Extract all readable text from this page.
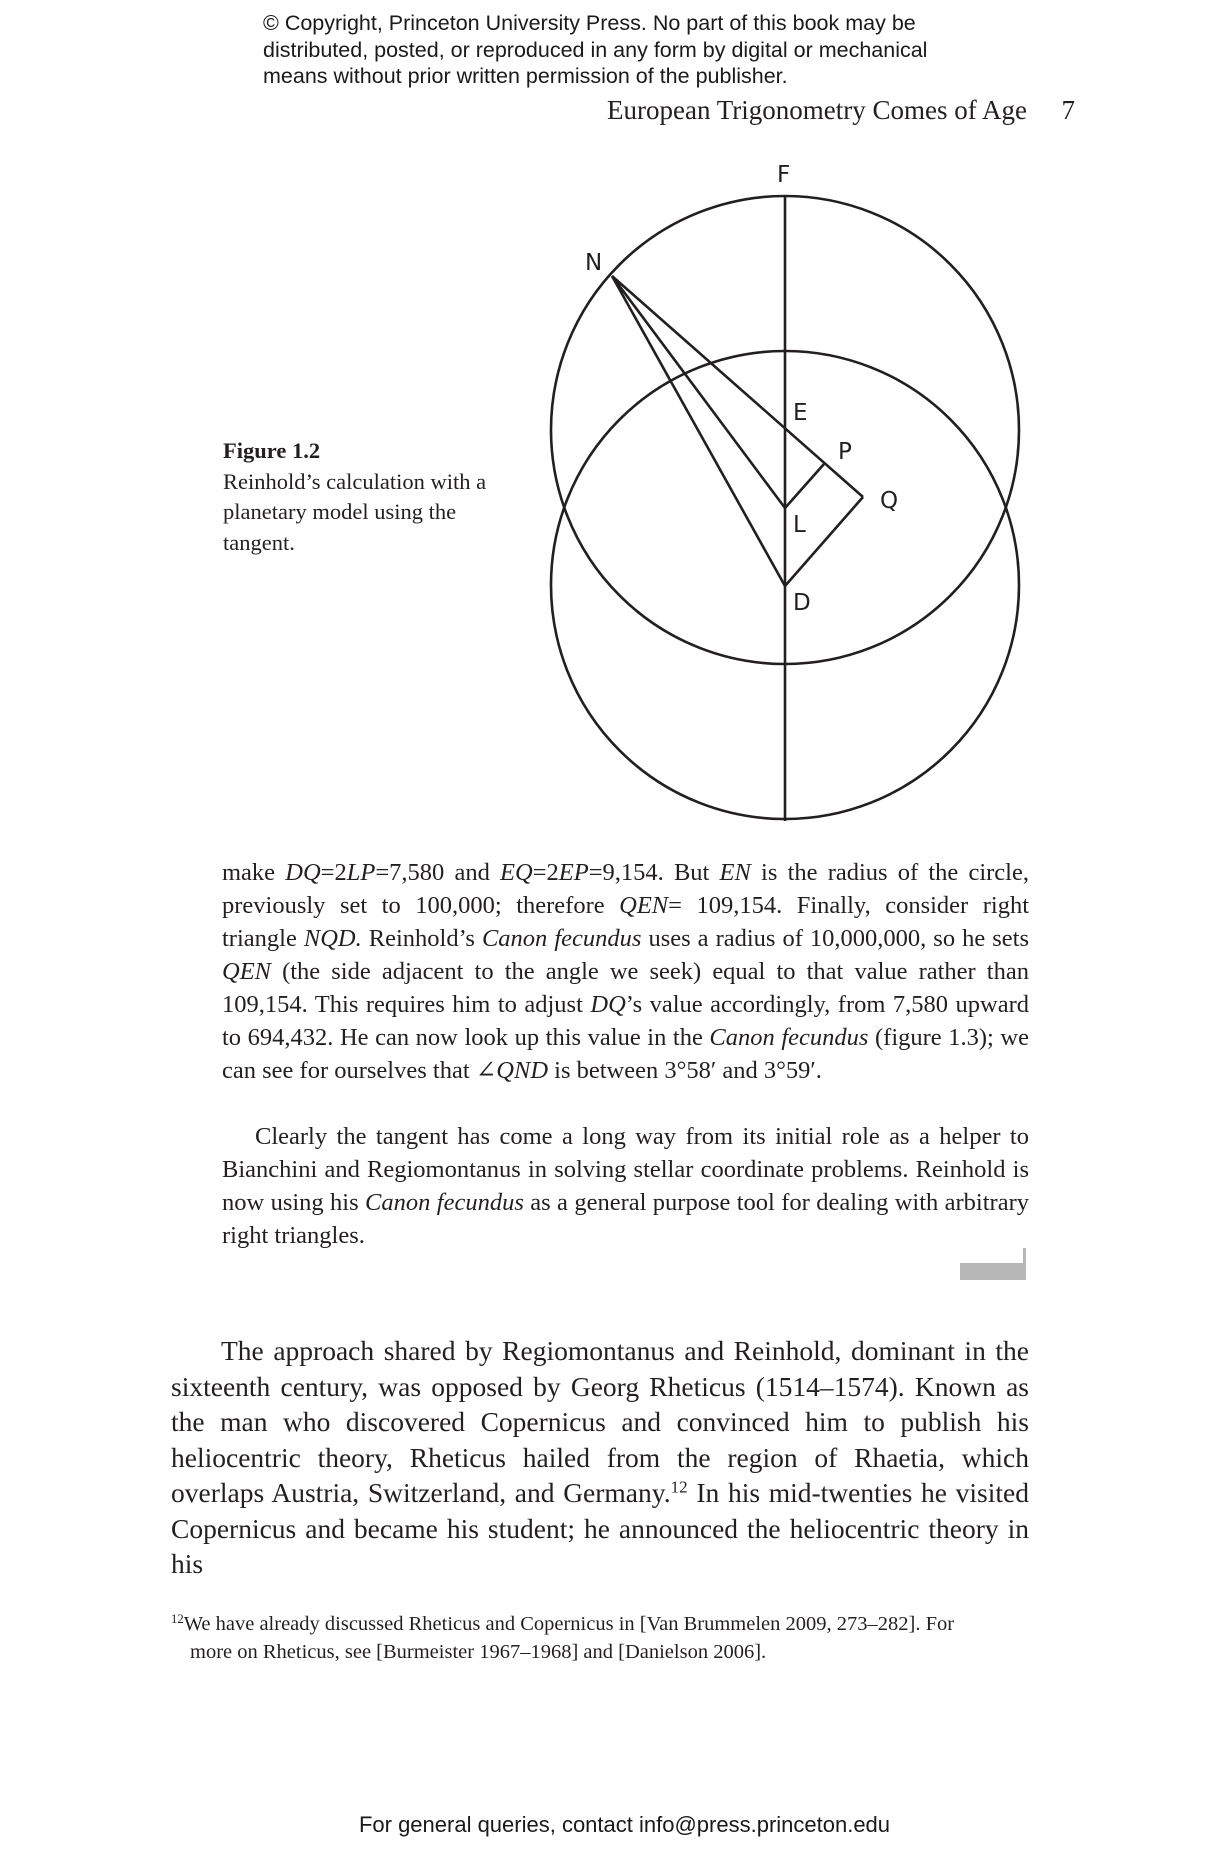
© Copyright, Princeton University Press. No part of this book may be
distributed, posted, or reproduced in any form by digital or mechanical
means without prior written permission of the publisher.
European Trigonometry Comes of Age 7
F
N
E
P
Q
L
D
Figure 1.2
Reinhold’s calculation with a planetary model using the tangent.

make DQ=2LP=7,580 and EQ=2EP=9,154. But EN is the radius of the circle, previously set to 100,000; therefore QEN= 109,154. Finally, consider right triangle NQD. Reinhold’s Canon fecundus uses a radius of 10,000,000, so he sets QEN (the side adjacent to the angle we seek) equal to that value rather than 109,154. This requires him to adjust DQ’s value accordingly, from 7,580 upward to 694,432. He can now look up this value in the Canon fecundus (figure 1.3); we can see for ourselves that ∠QND is between 3°58′ and 3°59′.

Clearly the tangent has come a long way from its initial role as a helper to Bianchini and Regiomontanus in solving stellar coordinate problems. Reinhold is now using his Canon fecundus as a general purpose tool for dealing with arbitrary right triangles.

The approach shared by Regiomontanus and Reinhold, dominant in the sixteenth century, was opposed by Georg Rheticus (1514–1574). Known as the man who discovered Copernicus and convinced him to publish his heliocentric theory, Rheticus hailed from the region of Rhaetia, which overlaps Austria, Switzerland, and Germany.$^{12}$ In his mid-twenties he visited Copernicus and became his student; he announced the heliocentric theory in his

$^{12}$We have already discussed Rheticus and Copernicus in [Van Brummelen 2009, 273–282]. For
more on Rheticus, see [Burmeister 1967–1968] and [Danielson 2006].
For general queries, contact info@press.princeton.edu
